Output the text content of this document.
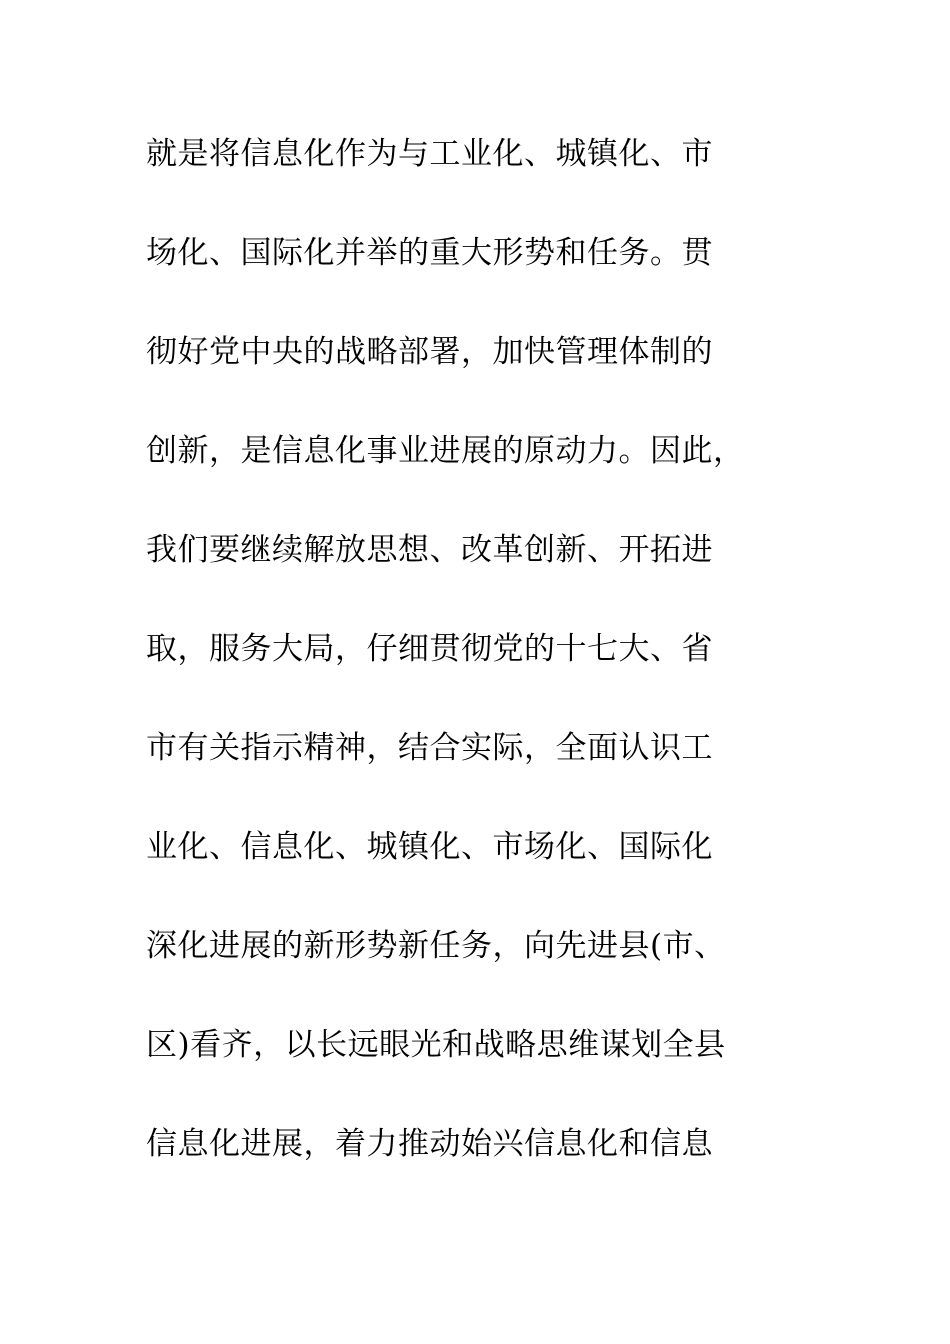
就是将信息化作为与工业化、城镇化、市
场化、国际化并举的重大形势和任务。贯
彻好党中央的战略部署，加快管理体制的
创新，是信息化事业进展的原动力。因此，
我们要继续解放思想、改革创新、开拓进
取，服务大局，仔细贯彻党的十七大、省
市有关指示精神，结合实际，全面认识工
业化、信息化、城镇化、市场化、国际化
深化进展的新形势新任务，向先进县(市、
区)看齐，以长远眼光和战略思维谋划全县
信息化进展，着力推动始兴信息化和信息
